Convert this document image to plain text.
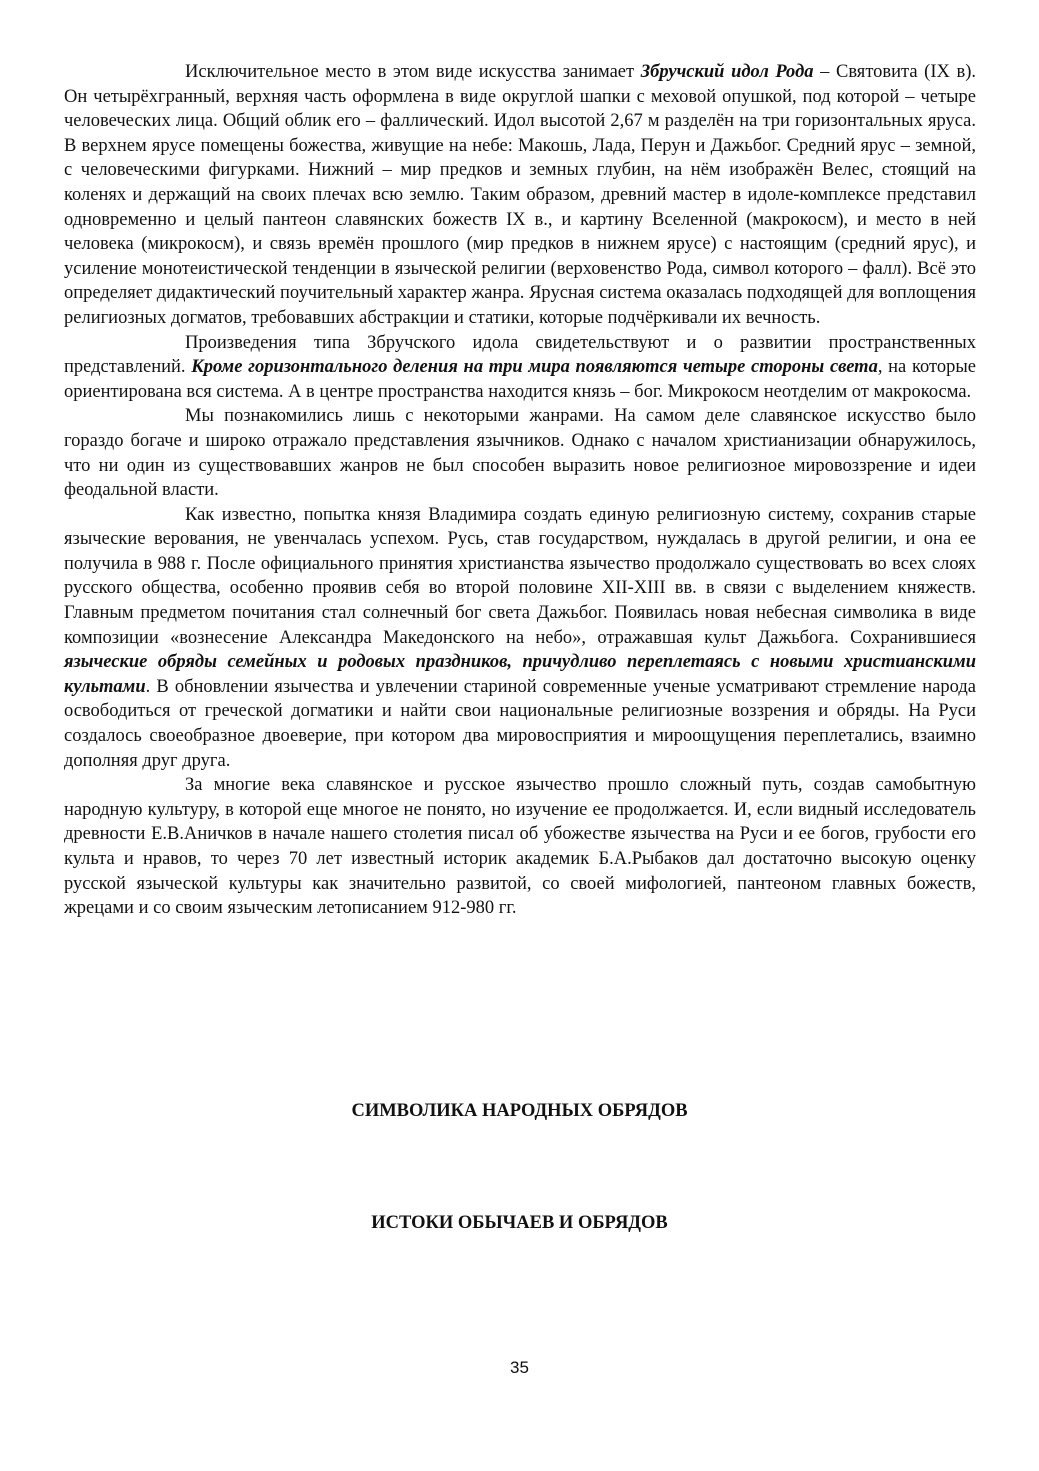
Исключительное место в этом виде искусства занимает Збручский идол Рода – Святовита (IX в). Он четырёхгранный, верхняя часть оформлена в виде округлой шапки с меховой опушкой, под которой – четыре человеческих лица. Общий облик его – фаллический. Идол высотой 2,67 м разделён на три горизонтальных яруса. В верхнем ярусе помещены божества, живущие на небе: Макошь, Лада, Перун и Дажьбог. Средний ярус – земной, с человеческими фигурками. Нижний – мир предков и земных глубин, на нём изображён Велес, стоящий на коленях и держащий на своих плечах всю землю. Таким образом, древний мастер в идоле-комплексе представил одновременно и целый пантеон славянских божеств IX в., и картину Вселенной (макрокосм), и место в ней человека (микрокосм), и связь времён прошлого (мир предков в нижнем ярусе) с настоящим (средний ярус), и усиление монотеистической тенденции в языческой религии (верховенство Рода, символ которого – фалл). Всё это определяет дидактический поучительный характер жанра. Ярусная система оказалась подходящей для воплощения религиозных догматов, требовавших абстракции и статики, которые подчёркивали их вечность.

Произведения типа Збручского идола свидетельствуют и о развитии пространственных представлений. Кроме горизонтального деления на три мира появляются четыре стороны света, на которые ориентирована вся система. А в центре пространства находится князь – бог. Микрокосм неотделим от макрокосма.

Мы познакомились лишь с некоторыми жанрами. На самом деле славянское искусство было гораздо богаче и широко отражало представления язычников. Однако с началом христианизации обнаружилось, что ни один из существовавших жанров не был способен выразить новое религиозное мировоззрение и идеи феодальной власти.

Как известно, попытка князя Владимира создать единую религиозную систему, сохранив старые языческие верования, не увенчалась успехом. Русь, став государством, нуждалась в другой религии, и она ее получила в 988 г. После официального принятия христианства язычество продолжало существовать во всех слоях русского общества, особенно проявив себя во второй половине XII-XIII вв. в связи с выделением княжеств. Главным предметом почитания стал солнечный бог света Дажьбог. Появилась новая небесная символика в виде композиции «вознесение Александра Македонского на небо», отражавшая культ Дажьбога. Сохранившиеся языческие обряды семейных и родовых праздников, причудливо переплетаясь с новыми христианскими культами. В обновлении язычества и увлечении стариной современные ученые усматривают стремление народа освободиться от греческой догматики и найти свои национальные религиозные воззрения и обряды. На Руси создалось своеобразное двоеверие, при котором два мировосприятия и мироощущения переплетались, взаимно дополняя друг друга.

За многие века славянское и русское язычество прошло сложный путь, создав самобытную народную культуру, в которой еще многое не понято, но изучение ее продолжается. И, если видный исследователь древности Е.В.Аничков в начале нашего столетия писал об убожестве язычества на Руси и ее богов, грубости его культа и нравов, то через 70 лет известный историк академик Б.А.Рыбаков дал достаточно высокую оценку русской языческой культуры как значительно развитой, со своей мифологией, пантеоном главных божеств, жрецами и со своим языческим летописанием 912-980 гг.

СИМВОЛИКА НАРОДНЫХ ОБРЯДОВ
ИСТОКИ ОБЫЧАЕВ И ОБРЯДОВ
35
